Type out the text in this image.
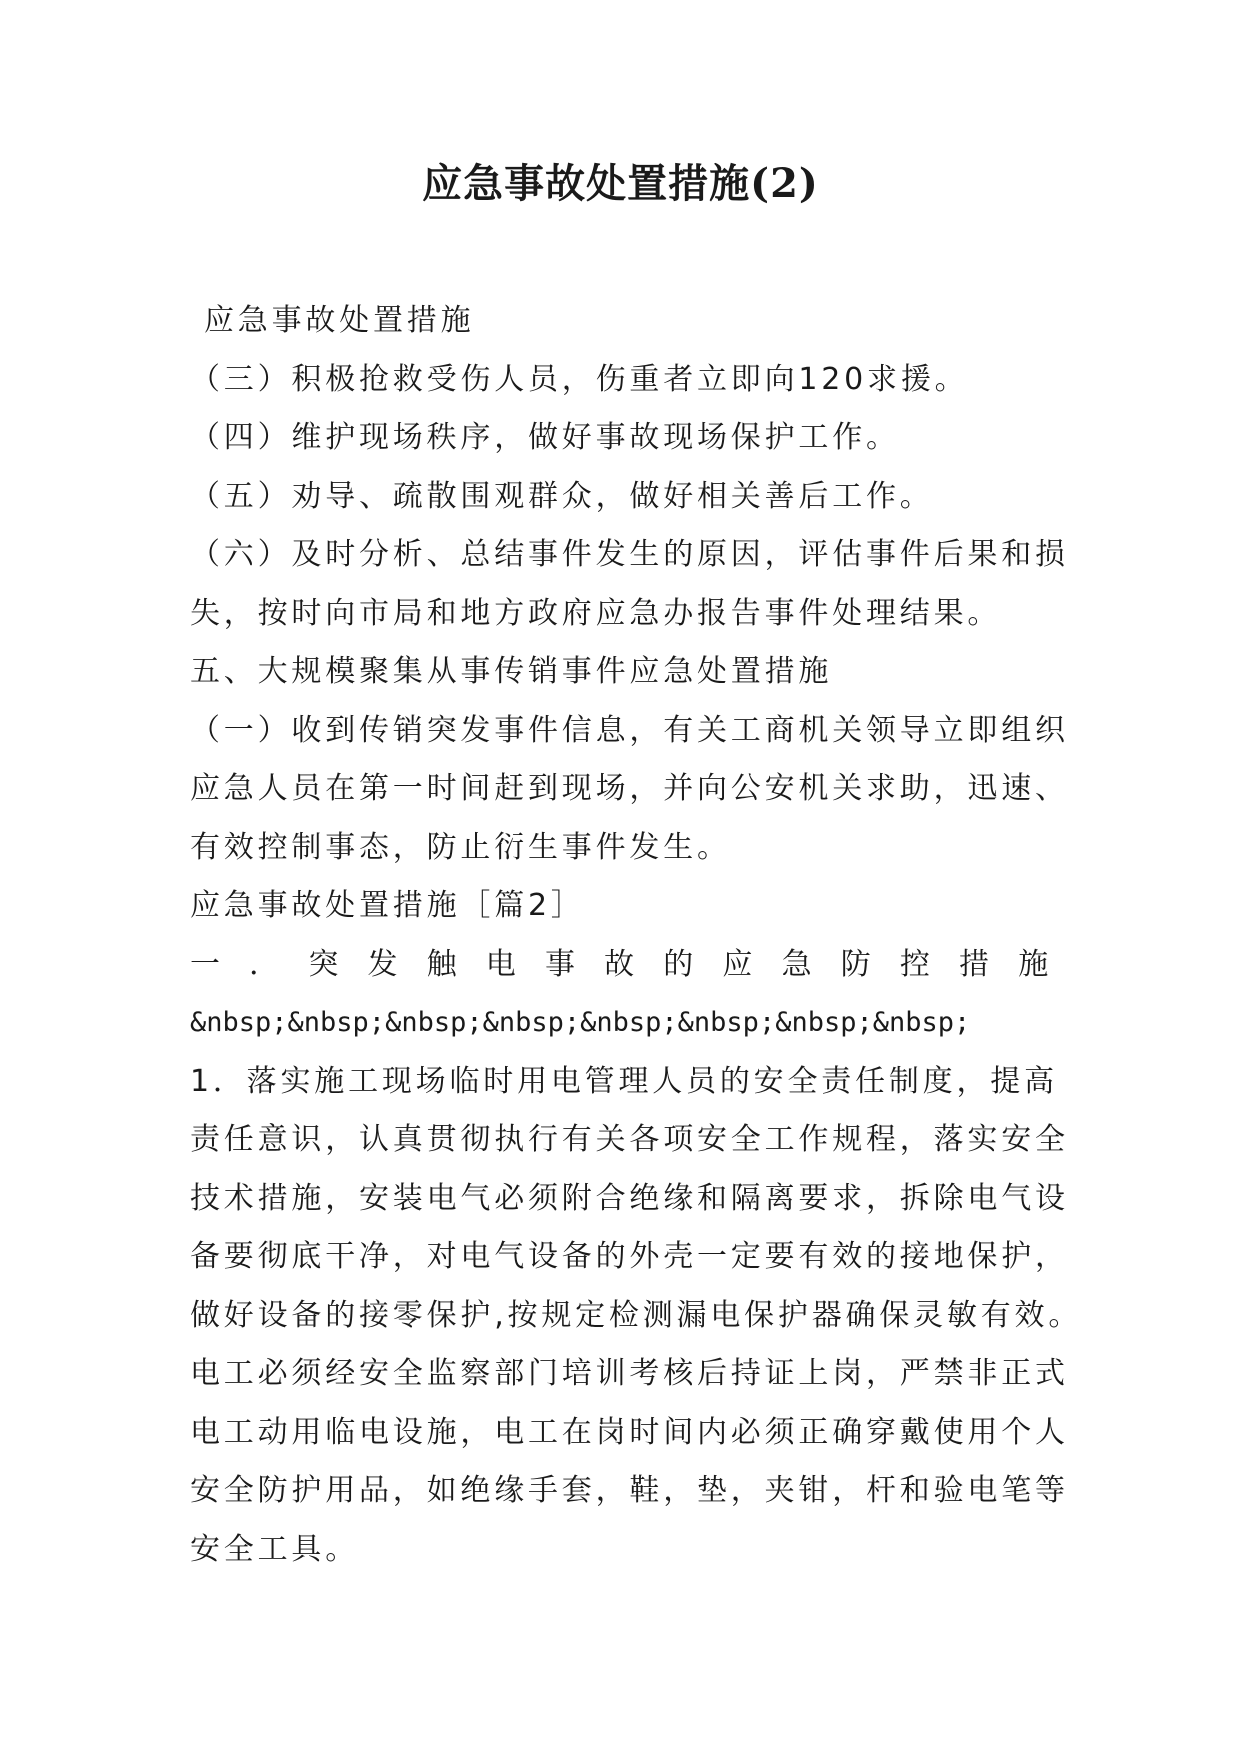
应急事故处置措施(2)
应急事故处置措施
（三）积极抢救受伤人员，伤重者立即向120求援。
（四）维护现场秩序，做好事故现场保护工作。
（五）劝导、疏散围观群众，做好相关善后工作。
（六）及时分析、总结事件发生的原因，评估事件后果和损
失，按时向市局和地方政府应急办报告事件处理结果。
五、大规模聚集从事传销事件应急处置措施
（一）收到传销突发事件信息，有关工商机关领导立即组织
应急人员在第一时间赶到现场，并向公安机关求助，迅速、
有效控制事态，防止衍生事件发生。
应急事故处置措施［篇2］
一 ． 突 发 触 电 事 故 的 应 急 防 控 措 施
&nbsp;&nbsp;&nbsp;&nbsp;&nbsp;&nbsp;&nbsp;&nbsp;
1．落实施工现场临时用电管理人员的安全责任制度，提高
责任意识，认真贯彻执行有关各项安全工作规程，落实安全
技术措施，安装电气必须附合绝缘和隔离要求，拆除电气设
备要彻底干净，对电气设备的外壳一定要有效的接地保护，
做好设备的接零保护,按规定检测漏电保护器确保灵敏有效。
电工必须经安全监察部门培训考核后持证上岗，严禁非正式
电工动用临电设施，电工在岗时间内必须正确穿戴使用个人
安全防护用品，如绝缘手套，鞋，垫，夹钳，杆和验电笔等
安全工具。
